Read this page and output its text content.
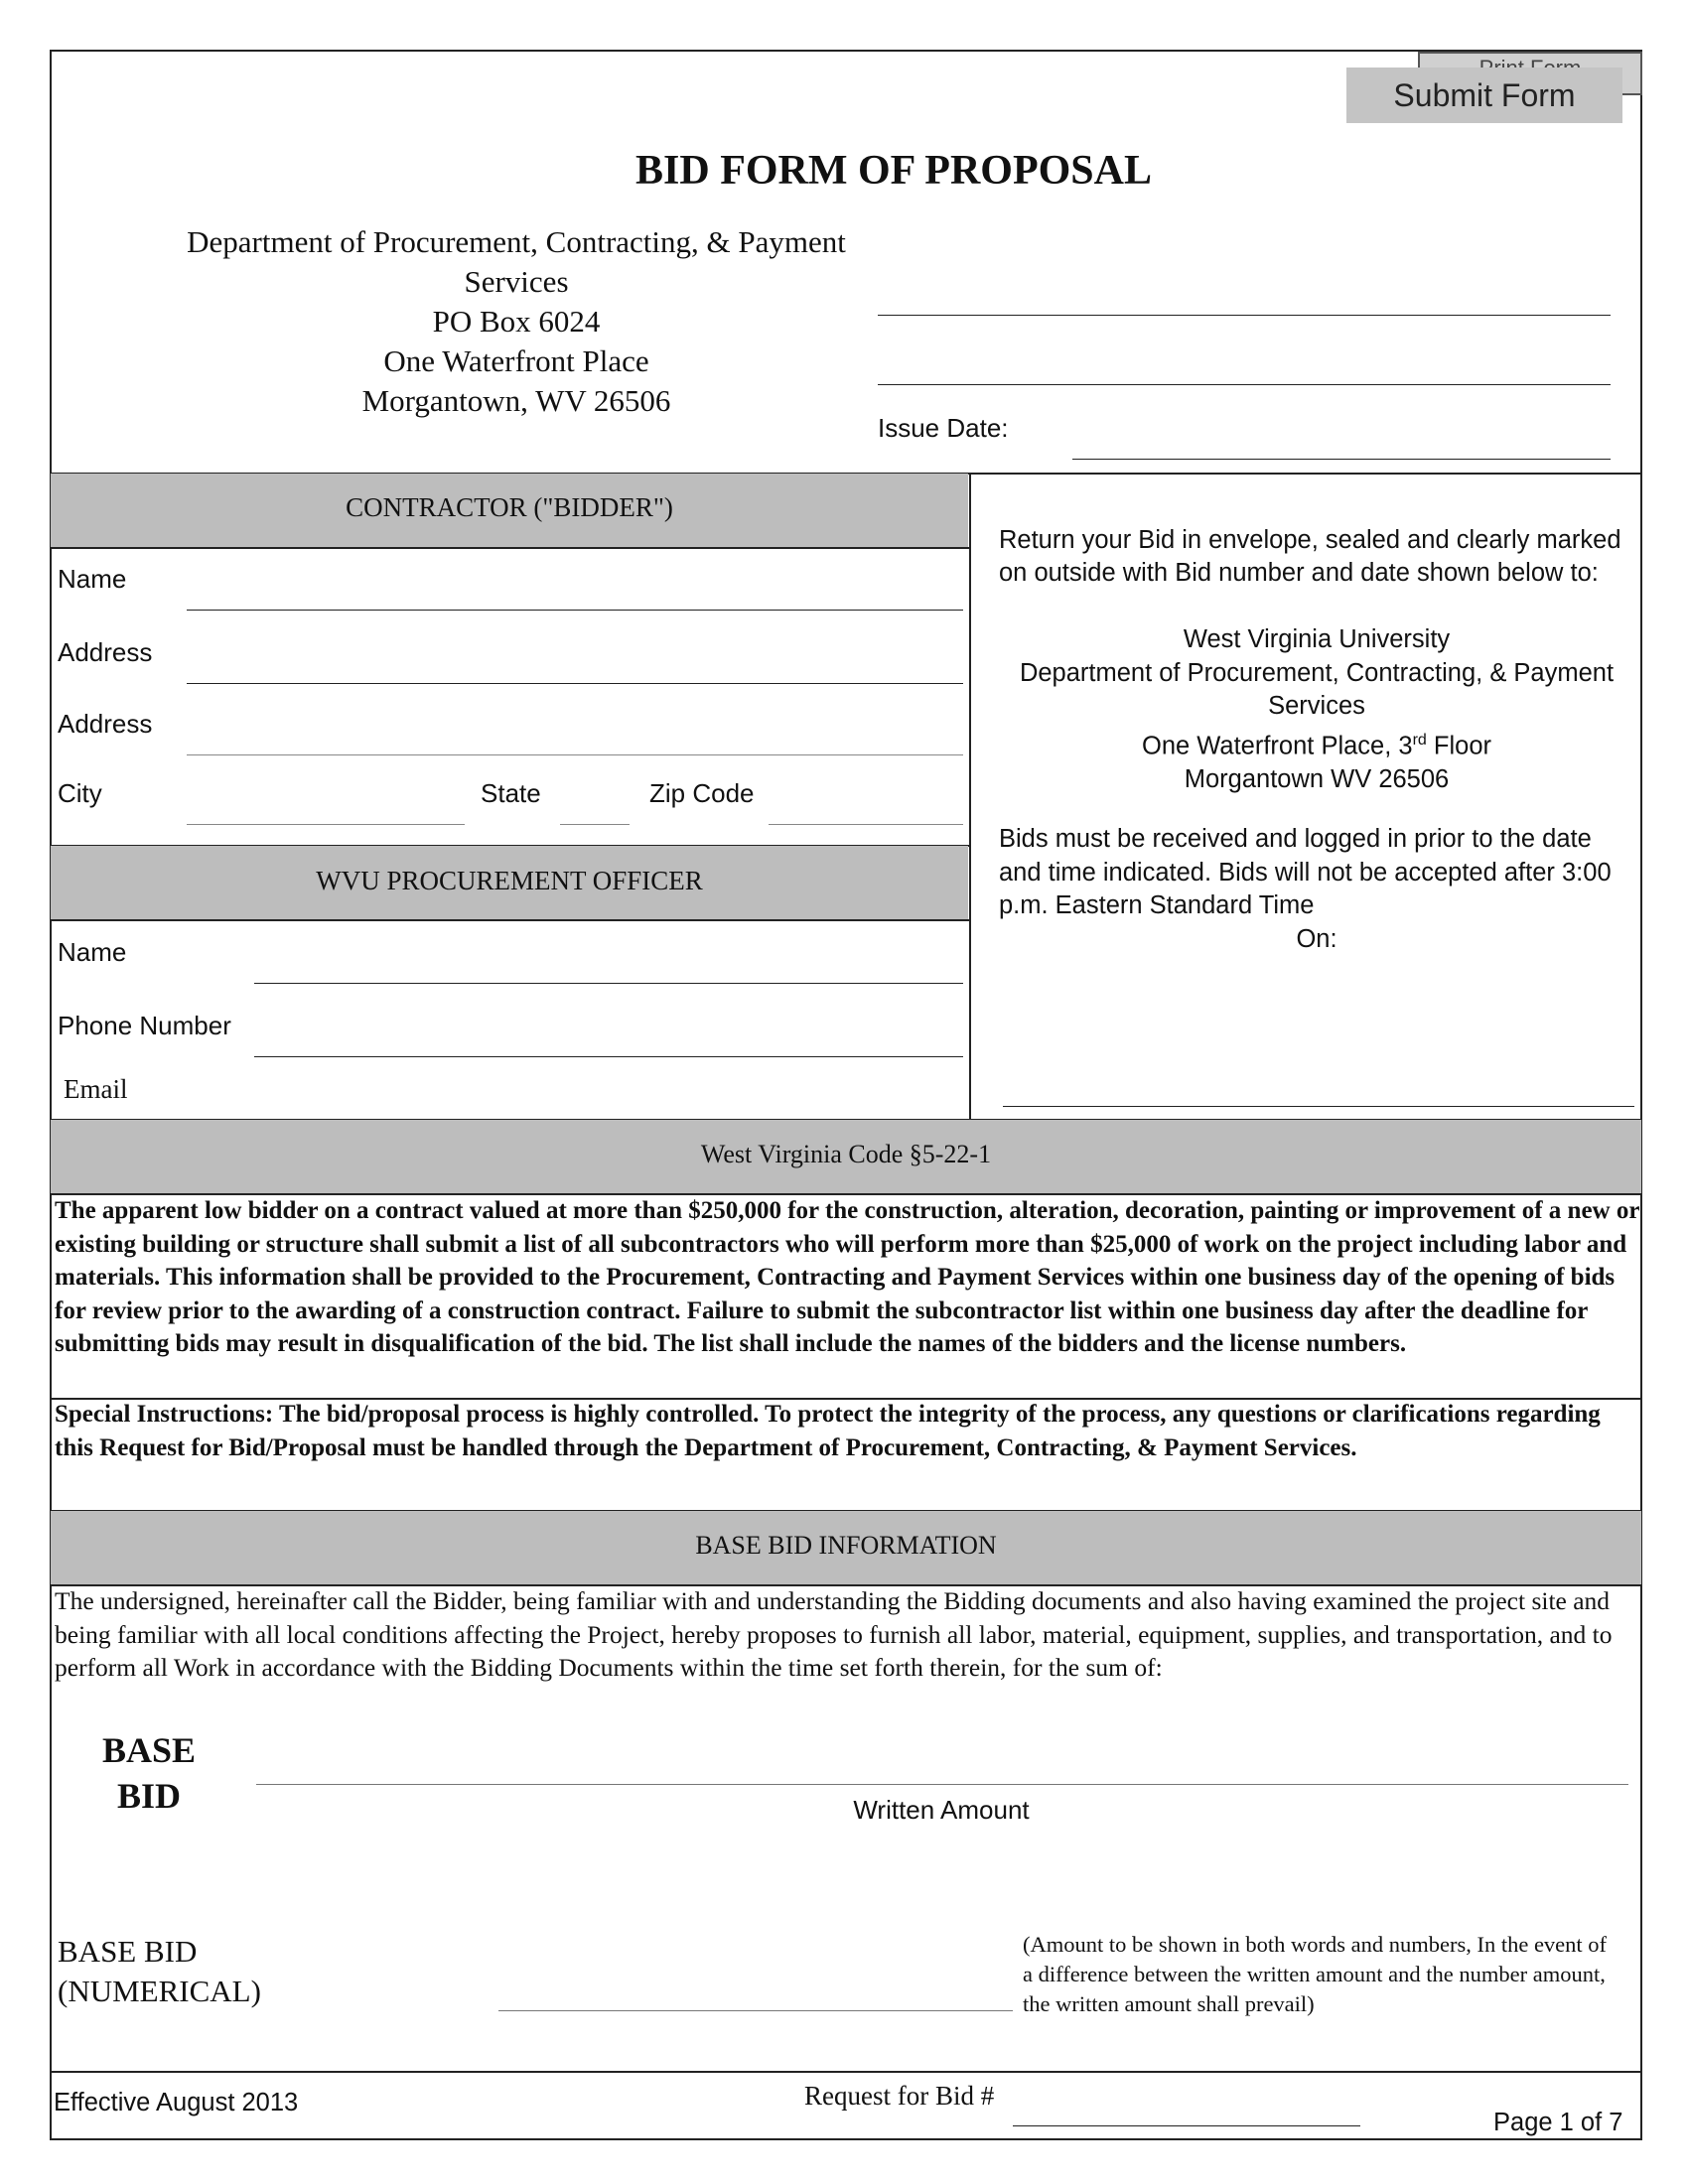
Submit Form
BID FORM OF PROPOSAL
Department of Procurement, Contracting, & Payment
Services
PO Box 6024
One Waterfront Place
Morgantown, WV 26506
Issue Date:
CONTRACTOR ("BIDDER")
Name
Address
Address
City	State	Zip Code
WVU PROCUREMENT OFFICER
Name
Phone Number
Email
Return your Bid in envelope, sealed and clearly marked
on outside with Bid number and date shown below to:
West Virginia University
Department of Procurement, Contracting, & Payment
Services
One Waterfront Place, 3rd Floor
Morgantown WV 26506
Bids must be received and logged in prior to the date
and time indicated. Bids will not be accepted after 3:00
p.m. Eastern Standard Time
On:
West Virginia Code §5-22-1
The apparent low bidder on a contract valued at more than $250,000 for the construction, alteration, decoration, painting or improvement of a new or existing building or structure shall submit a list of all subcontractors who will perform more than $25,000 of work on the project including labor and materials. This information shall be provided to the Procurement, Contracting and Payment Services within one business day of the opening of bids for review prior to the awarding of a construction contract. Failure to submit the subcontractor list within one business day after the deadline for submitting bids may result in disqualification of the bid. The list shall include the names of the bidders and the license numbers.
Special Instructions: The bid/proposal process is highly controlled. To protect the integrity of the process, any questions or clarifications regarding this Request for Bid/Proposal must be handled through the Department of Procurement, Contracting, & Payment Services.
BASE BID INFORMATION
The undersigned, hereinafter call the Bidder, being familiar with and understanding the Bidding documents and also having examined the project site and being familiar with all local conditions affecting the Project, hereby proposes to furnish all labor, material, equipment, supplies, and transportation, and to perform all Work in accordance with the Bidding Documents within the time set forth therein, for the sum of:
BASE
BID	Written Amount
BASE BID
(NUMERICAL)
(Amount to be shown in both words and numbers, In the event of a difference between the written amount and the number amount, the written amount shall prevail)
Effective August 2013	Request for Bid #
Page 1 of 7
